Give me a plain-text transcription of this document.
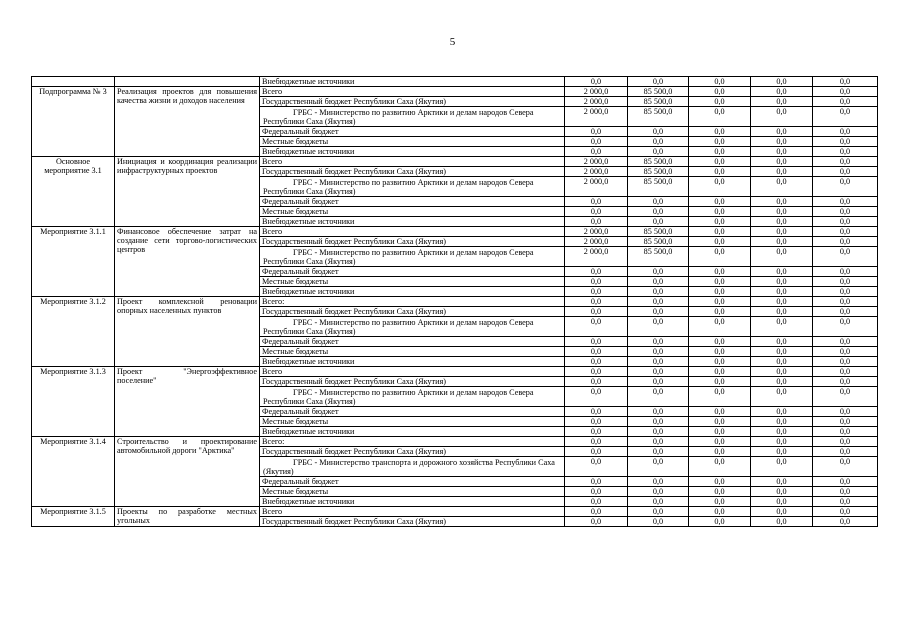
5
		Внебюджетные источники	0,0	0,0	0,0	0,0	0,0
Подпрограмма № 3	Реализация проектов для повышения качества жизни и доходов населения	Всего	2 000,0	85 500,0	0,0	0,0	0,0
		Государственный бюджет Республики Саха (Якутия)	2 000,0	85 500,0	0,0	0,0	0,0
		ГРБС - Министерство по развитию Арктики и делам народов Севера Республики Саха (Якутия)	2 000,0	85 500,0	0,0	0,0	0,0
		Федеральный бюджет	0,0	0,0	0,0	0,0	0,0
		Местные бюджеты	0,0	0,0	0,0	0,0	0,0
		Внебюджетные источники	0,0	0,0	0,0	0,0	0,0
Основное мероприятие 3.1	Инициация и координация реализации инфраструктурных проектов	Всего	2 000,0	85 500,0	0,0	0,0	0,0
		Государственный бюджет Республики Саха (Якутия)	2 000,0	85 500,0	0,0	0,0	0,0
		ГРБС - Министерство по развитию Арктики и делам народов Севера Республики Саха (Якутия)	2 000,0	85 500,0	0,0	0,0	0,0
		Федеральный бюджет	0,0	0,0	0,0	0,0	0,0
		Местные бюджеты	0,0	0,0	0,0	0,0	0,0
		Внебюджетные источники	0,0	0,0	0,0	0,0	0,0
Мероприятие 3.1.1	Финансовое обеспечение затрат на создание сети торгово-логистических центров	Всего	2 000,0	85 500,0	0,0	0,0	0,0
		Государственный бюджет Республики Саха (Якутия)	2 000,0	85 500,0	0,0	0,0	0,0
		ГРБС - Министерство по развитию Арктики и делам народов Севера Республики Саха (Якутия)	2 000,0	85 500,0	0,0	0,0	0,0
		Федеральный бюджет	0,0	0,0	0,0	0,0	0,0
		Местные бюджеты	0,0	0,0	0,0	0,0	0,0
		Внебюджетные источники	0,0	0,0	0,0	0,0	0,0
Мероприятие 3.1.2	Проект комплексной реновации опорных населенных пунктов	Всего:	0,0	0,0	0,0	0,0	0,0
		Государственный бюджет Республики Саха (Якутия)	0,0	0,0	0,0	0,0	0,0
		ГРБС - Министерство по развитию Арктики и делам народов Севера Республики Саха (Якутия)	0,0	0,0	0,0	0,0	0,0
		Федеральный бюджет	0,0	0,0	0,0	0,0	0,0
		Местные бюджеты	0,0	0,0	0,0	0,0	0,0
		Внебюджетные источники	0,0	0,0	0,0	0,0	0,0
Мероприятие 3.1.3	Проект "Энергоэффективное поселение"	Всего	0,0	0,0	0,0	0,0	0,0
		Государственный бюджет Республики Саха (Якутия)	0,0	0,0	0,0	0,0	0,0
		ГРБС - Министерство по развитию Арктики и делам народов Севера Республики Саха (Якутия)	0,0	0,0	0,0	0,0	0,0
		Федеральный бюджет	0,0	0,0	0,0	0,0	0,0
		Местные бюджеты	0,0	0,0	0,0	0,0	0,0
		Внебюджетные источники	0,0	0,0	0,0	0,0	0,0
Мероприятие 3.1.4	Строительство и проектирование автомобильной дороги "Арктика"	Всего:	0,0	0,0	0,0	0,0	0,0
		Государственный бюджет Республики Саха (Якутия)	0,0	0,0	0,0	0,0	0,0
		ГРБС - Министерство транспорта и дорожного хозяйства Республики Саха (Якутия)	0,0	0,0	0,0	0,0	0,0
		Федеральный бюджет	0,0	0,0	0,0	0,0	0,0
		Местные бюджеты	0,0	0,0	0,0	0,0	0,0
		Внебюджетные источники	0,0	0,0	0,0	0,0	0,0
Мероприятие 3.1.5	Проекты по разработке местных угольных	Всего	0,0	0,0	0,0	0,0	0,0
		Государственный бюджет Республики Саха (Якутия)	0,0	0,0	0,0	0,0	0,0
